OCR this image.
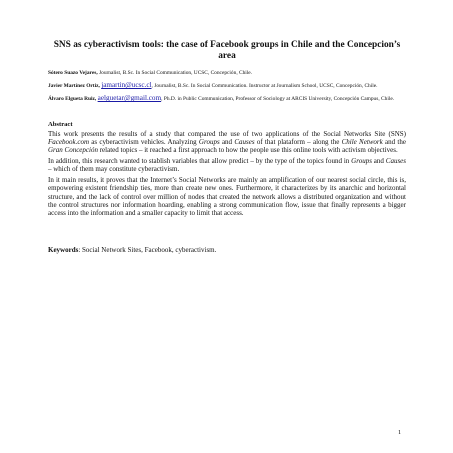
SNS as cyberactivism tools: the case of Facebook groups in Chile and the Concepcion’s area

Sótero Suazo Vejares, Journalist, B.Sc. In Social Communication, UCSC, Concepción, Chile.

Javier Martínez Ortiz, jamartin@ucsc.cl, Journalist, B.Sc. In Social Communication. Instructor at Journalism School, UCSC, Concepción, Chile.

Álvaro Elgueta Ruiz, aelguetar@gmail.com, Ph.D. in Public Communication, Professor of Sociology at ARCIS University, Concepción Campus, Chile.

Abstract

This work presents the results of a study that compared the use of two applications of the Social Networks Site (SNS) Facebook.com as cyberactivism vehicles. Analyzing Groups and Causes of that plataform – along the Chile Network and the Gran Concepción related topics – it reached a first approach to how the people use this online tools with activism objectives.

In addition, this research wanted to stablish variables that allow predict – by the type of the topics found in Groups and Causes – which of them may constitute cyberactivism.

In it main results, it proves that the Internet’s Social Networks are mainly an amplification of our nearest social circle, this is, empowering existent friendship ties, more than create new ones. Furthermore, it characterizes by its anarchic and horizontal structure, and the lack of control over million of nodes that created the network allows a distributed organization and without the control structures nor information hoarding, enabling a strong communication flow, issue that finally represents a bigger access into the information and a smaller capacity to limit that access.

Keywords: Social Network Sites, Facebook, cyberactivism.
1
